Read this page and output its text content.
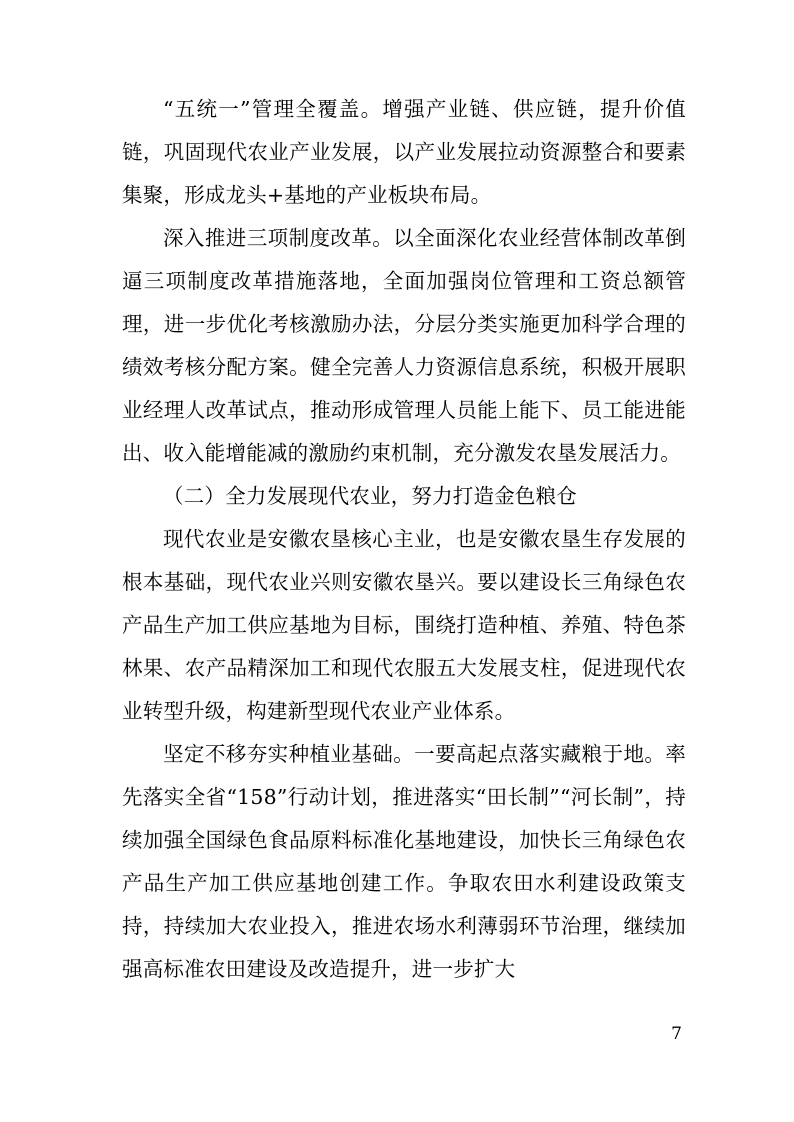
“五统一”管理全覆盖。增强产业链、供应链，提升价值链，巩固现代农业产业发展，以产业发展拉动资源整合和要素集聚，形成龙头+基地的产业板块布局。

深入推进三项制度改革。以全面深化农业经营体制改革倒逼三项制度改革措施落地，全面加强岗位管理和工资总额管理，进一步优化考核激励办法，分层分类实施更加科学合理的绩效考核分配方案。健全完善人力资源信息系统，积极开展职业经理人改革试点，推动形成管理人员能上能下、员工能进能出、收入能增能减的激励约束机制，充分激发农垦发展活力。

（二）全力发展现代农业，努力打造金色粮仓

现代农业是安徽农垦核心主业，也是安徽农垦生存发展的根本基础，现代农业兴则安徽农垦兴。要以建设长三角绿色农产品生产加工供应基地为目标，围绕打造种植、养殖、特色茶林果、农产品精深加工和现代农服五大发展支柱，促进现代农业转型升级，构建新型现代农业产业体系。

坚定不移夯实种植业基础。一要高起点落实藏粮于地。率先落实全省“158”行动计划，推进落实“田长制”“河长制”，持续加强全国绿色食品原料标准化基地建设，加快长三角绿色农产品生产加工供应基地创建工作。争取农田水利建设政策支持，持续加大农业投入，推进农场水利薄弱环节治理，继续加强高标准农田建设及改造提升，进一步扩大

7
